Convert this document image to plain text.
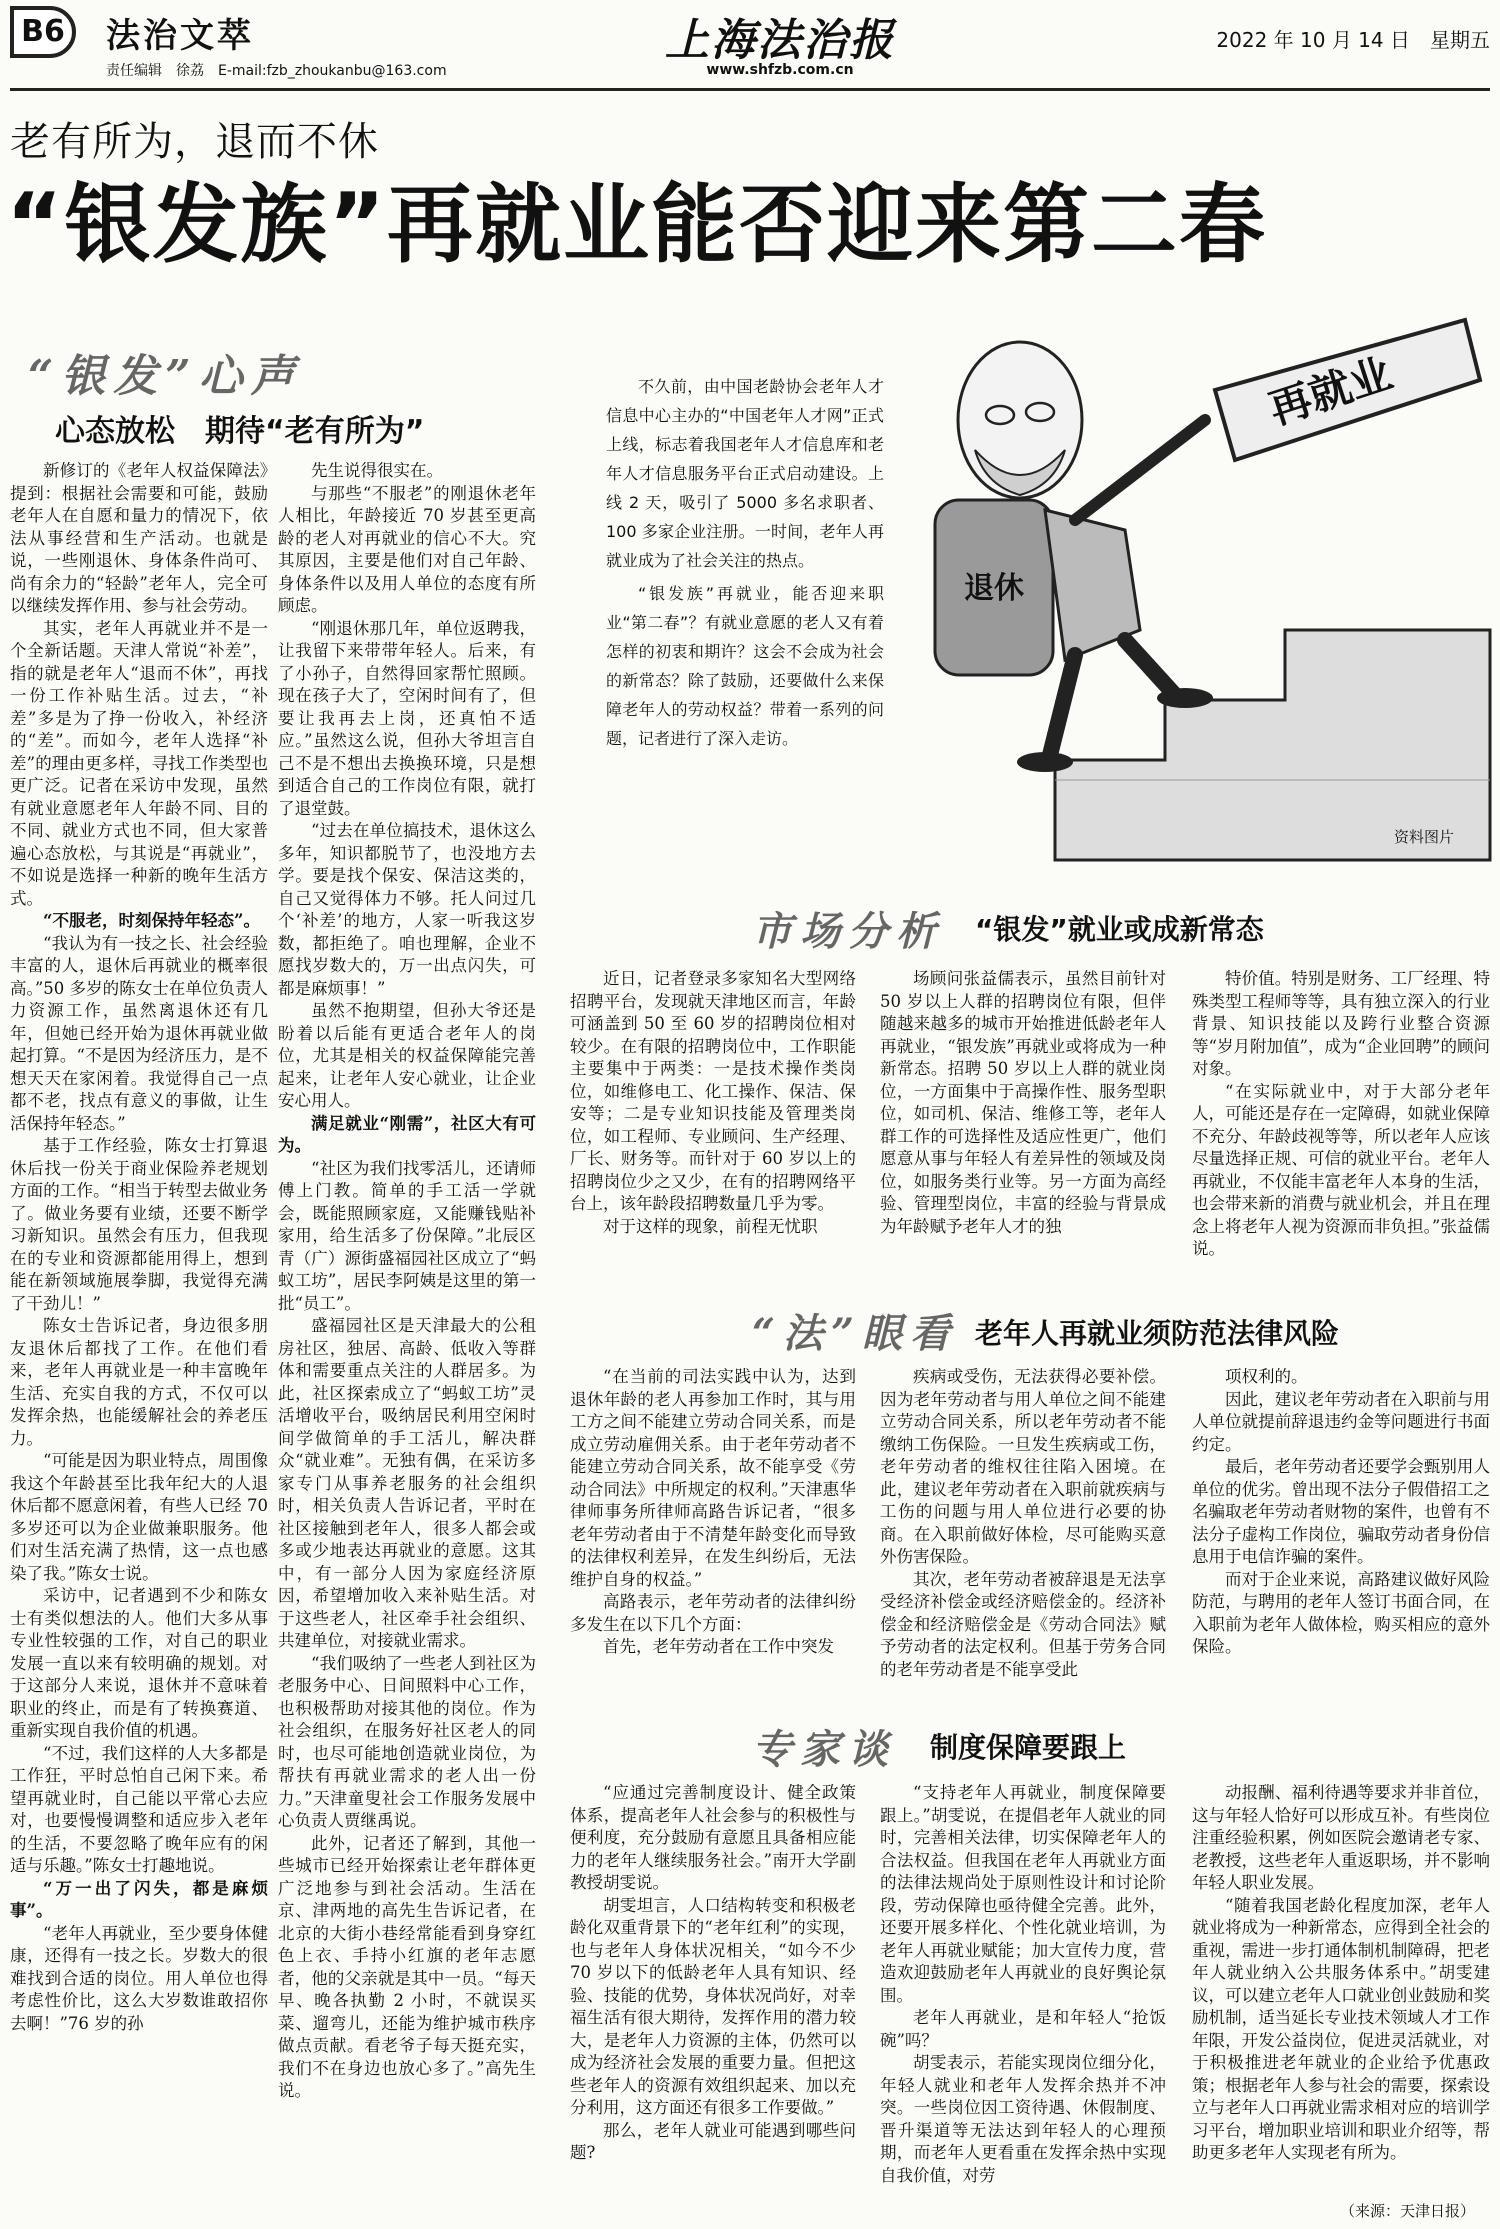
B6	法治文萃
责任编辑　徐荔　E-mail:fzb_zhoukanbu@163.com
上海法治报
www.shfzb.com.cn
2022 年 10 月 14 日　星期五
老有所为，退而不休
“银发族”再就业能否迎来第二春
“银发”心声
心态放松　期待“老有所为”

新修订的《老年人权益保障法》提到：根据社会需要和可能，鼓励老年人在自愿和量力的情况下，依法从事经营和生产活动。也就是说，一些刚退休、身体条件尚可、尚有余力的“轻龄”老年人，完全可以继续发挥作用、参与社会劳动。

其实，老年人再就业并不是一个全新话题。天津人常说“补差”，指的就是老年人“退而不休”，再找一份工作补贴生活。过去，“补差”多是为了挣一份收入，补经济的“差”。而如今，老年人选择“补差”的理由更多样，寻找工作类型也更广泛。记者在采访中发现，虽然有就业意愿老年人年龄不同、目的不同、就业方式也不同，但大家普遍心态放松，与其说是“再就业”，不如说是选择一种新的晚年生活方式。

“不服老，时刻保持年轻态”。

“我认为有一技之长、社会经验丰富的人，退休后再就业的概率很高。”50 多岁的陈女士在单位负责人力资源工作，虽然离退休还有几年，但她已经开始为退休再就业做起打算。“不是因为经济压力，是不想天天在家闲着。我觉得自己一点都不老，找点有意义的事做，让生活保持年轻态。”

基于工作经验，陈女士打算退休后找一份关于商业保险养老规划方面的工作。“相当于转型去做业务了。做业务要有业绩，还要不断学习新知识。虽然会有压力，但我现在的专业和资源都能用得上，想到能在新领域施展拳脚，我觉得充满了干劲儿！”

陈女士告诉记者，身边很多朋友退休后都找了工作。在他们看来，老年人再就业是一种丰富晚年生活、充实自我的方式，不仅可以发挥余热，也能缓解社会的养老压力。

“可能是因为职业特点，周围像我这个年龄甚至比我年纪大的人退休后都不愿意闲着，有些人已经 70 多岁还可以为企业做兼职服务。他们对生活充满了热情，这一点也感染了我。”陈女士说。

采访中，记者遇到不少和陈女士有类似想法的人。他们大多从事专业性较强的工作，对自己的职业发展一直以来有较明确的规划。对于这部分人来说，退休并不意味着职业的终止，而是有了转换赛道、重新实现自我价值的机遇。

“不过，我们这样的人大多都是工作狂，平时总怕自己闲下来。希望再就业时，自己能以平常心去应对，也要慢慢调整和适应步入老年的生活，不要忽略了晚年应有的闲适与乐趣。”陈女士打趣地说。

“万一出了闪失，都是麻烦事”。

“老年人再就业，至少要身体健康，还得有一技之长。岁数大的很难找到合适的岗位。用人单位也得考虑性价比，这么大岁数谁敢招你去啊！”76 岁的孙

先生说得很实在。

与那些“不服老”的刚退休老年人相比，年龄接近 70 岁甚至更高龄的老人对再就业的信心不大。究其原因，主要是他们对自己年龄、身体条件以及用人单位的态度有所顾虑。

“刚退休那几年，单位返聘我，让我留下来带带年轻人。后来，有了小孙子，自然得回家帮忙照顾。现在孩子大了，空闲时间有了，但要让我再去上岗，还真怕不适应。”虽然这么说，但孙大爷坦言自己不是不想出去换换环境，只是想到适合自己的工作岗位有限，就打了退堂鼓。

“过去在单位搞技术，退休这么多年，知识都脱节了，也没地方去学。要是找个保安、保洁这类的，自己又觉得体力不够。托人问过几个‘补差’的地方，人家一听我这岁数，都拒绝了。咱也理解，企业不愿找岁数大的，万一出点闪失，可都是麻烦事！”

虽然不抱期望，但孙大爷还是盼着以后能有更适合老年人的岗位，尤其是相关的权益保障能完善起来，让老年人安心就业，让企业安心用人。

满足就业“刚需”，社区大有可为。

“社区为我们找零活儿，还请师傅上门教。简单的手工活一学就会，既能照顾家庭，又能赚钱贴补家用，给生活多了份保障。”北辰区青（广）源街盛福园社区成立了“蚂蚁工坊”，居民李阿姨是这里的第一批“员工”。

盛福园社区是天津最大的公租房社区，独居、高龄、低收入等群体和需要重点关注的人群居多。为此，社区探索成立了“蚂蚁工坊”灵活增收平台，吸纳居民利用空闲时间学做简单的手工活儿，解决群众“就业难”。无独有偶，在采访多家专门从事养老服务的社会组织时，相关负责人告诉记者，平时在社区接触到老年人，很多人都会或多或少地表达再就业的意愿。这其中，有一部分人因为家庭经济原因，希望增加收入来补贴生活。对于这些老人，社区牵手社会组织、共建单位，对接就业需求。

“我们吸纳了一些老人到社区为老服务中心、日间照料中心工作，也积极帮助对接其他的岗位。作为社会组织，在服务好社区老人的同时，也尽可能地创造就业岗位，为帮扶有再就业需求的老人出一份力。”天津童叟社会工作服务发展中心负责人贾继禹说。

此外，记者还了解到，其他一些城市已经开始探索让老年群体更广泛地参与到社会活动。生活在京、津两地的高先生告诉记者，在北京的大街小巷经常能看到身穿红色上衣、手持小红旗的老年志愿者，他的父亲就是其中一员。“每天早、晚各执勤 2 小时，不就误买菜、遛弯儿，还能为维护城市秩序做点贡献。看老爷子每天挺充实，我们不在身边也放心多了。”高先生说。

不久前，由中国老龄协会老年人才信息中心主办的“中国老年人才网”正式上线，标志着我国老年人才信息库和老年人才信息服务平台正式启动建设。上线 2 天，吸引了 5000 多名求职者、100 多家企业注册。一时间，老年人再就业成为了社会关注的热点。

“银发族”再就业，能否迎来职业“第二春”？有就业意愿的老人又有着怎样的初衷和期许？这会不会成为社会的新常态？除了鼓励，还要做什么来保障老年人的劳动权益？带着一系列的问题，记者进行了深入走访。

退休
再就业
资料图片
市场分析 “银发”就业或成新常态

近日，记者登录多家知名大型网络招聘平台，发现就天津地区而言，年龄可涵盖到 50 至 60 岁的招聘岗位相对较少。在有限的招聘岗位中，工作职能主要集中于两类：一是技术操作类岗位，如维修电工、化工操作、保洁、保安等；二是专业知识技能及管理类岗位，如工程师、专业顾问、生产经理、厂长、财务等。而针对于 60 岁以上的招聘岗位少之又少，在有的招聘网络平台上，该年龄段招聘数量几乎为零。

对于这样的现象，前程无忧职

场顾问张益儒表示，虽然目前针对 50 岁以上人群的招聘岗位有限，但伴随越来越多的城市开始推进低龄老年人再就业，“银发族”再就业或将成为一种新常态。招聘 50 岁以上人群的就业岗位，一方面集中于高操作性、服务型职位，如司机、保洁、维修工等，老年人群工作的可选择性及适应性更广，他们愿意从事与年轻人有差异性的领域及岗位，如服务类行业等。另一方面为高经验、管理型岗位，丰富的经验与背景成为年龄赋予老年人才的独

特价值。特别是财务、工厂经理、特殊类型工程师等等，具有独立深入的行业背景、知识技能以及跨行业整合资源等“岁月附加值”，成为“企业回聘”的顾问对象。

“在实际就业中，对于大部分老年人，可能还是存在一定障碍，如就业保障不充分、年龄歧视等等，所以老年人应该尽量选择正规、可信的就业平台。老年人再就业，不仅能丰富老年人本身的生活，也会带来新的消费与就业机会，并且在理念上将老年人视为资源而非负担。”张益儒说。

“法”眼看 老年人再就业须防范法律风险

“在当前的司法实践中认为，达到退休年龄的老人再参加工作时，其与用工方之间不能建立劳动合同关系，而是成立劳动雇佣关系。由于老年劳动者不能建立劳动合同关系，故不能享受《劳动合同法》中所规定的权利。”天津惠华律师事务所律师高路告诉记者，“很多老年劳动者由于不清楚年龄变化而导致的法律权利差异，在发生纠纷后，无法维护自身的权益。”

高路表示，老年劳动者的法律纠纷多发生在以下几个方面：

首先，老年劳动者在工作中突发

疾病或受伤，无法获得必要补偿。因为老年劳动者与用人单位之间不能建立劳动合同关系，所以老年劳动者不能缴纳工伤保险。一旦发生疾病或工伤，老年劳动者的维权往往陷入困境。在此，建议老年劳动者在入职前就疾病与工伤的问题与用人单位进行必要的协商。在入职前做好体检，尽可能购买意外伤害保险。

其次，老年劳动者被辞退是无法享受经济补偿金或经济赔偿金的。经济补偿金和经济赔偿金是《劳动合同法》赋予劳动者的法定权利。但基于劳务合同的老年劳动者是不能享受此

项权利的。

因此，建议老年劳动者在入职前与用人单位就提前辞退违约金等问题进行书面约定。

最后，老年劳动者还要学会甄别用人单位的优劣。曾出现不法分子假借招工之名骗取老年劳动者财物的案件，也曾有不法分子虚构工作岗位，骗取劳动者身份信息用于电信诈骗的案件。

而对于企业来说，高路建议做好风险防范，与聘用的老年人签订书面合同，在入职前为老年人做体检，购买相应的意外保险。

专家谈 制度保障要跟上

“应通过完善制度设计、健全政策体系，提高老年人社会参与的积极性与便利度，充分鼓励有意愿且具备相应能力的老年人继续服务社会。”南开大学副教授胡雯说。

胡雯坦言，人口结构转变和积极老龄化双重背景下的“老年红利”的实现，也与老年人身体状况相关，“如今不少 70 岁以下的低龄老年人具有知识、经验、技能的优势，身体状况尚好，对幸福生活有很大期待，发挥作用的潜力较大，是老年人力资源的主体，仍然可以成为经济社会发展的重要力量。但把这些老年人的资源有效组织起来、加以充分利用，这方面还有很多工作要做。”

那么，老年人就业可能遇到哪些问题?

“支持老年人再就业，制度保障要跟上。”胡雯说，在提倡老年人就业的同时，完善相关法律，切实保障老年人的合法权益。但我国在老年人再就业方面的法律法规尚处于原则性设计和讨论阶段，劳动保障也亟待健全完善。此外，还要开展多样化、个性化就业培训，为老年人再就业赋能；加大宣传力度，营造欢迎鼓励老年人再就业的良好舆论氛围。

老年人再就业，是和年轻人“抢饭碗”吗？

胡雯表示，若能实现岗位细分化，年轻人就业和老年人发挥余热并不冲突。一些岗位因工资待遇、休假制度、晋升渠道等无法达到年轻人的心理预期，而老年人更看重在发挥余热中实现自我价值，对劳

动报酬、福利待遇等要求并非首位，这与年轻人恰好可以形成互补。有些岗位注重经验积累，例如医院会邀请老专家、老教授，这些老年人重返职场，并不影响年轻人职业发展。

“随着我国老龄化程度加深，老年人就业将成为一种新常态，应得到全社会的重视，需进一步打通体制机制障碍，把老年人就业纳入公共服务体系中。”胡雯建议，可以建立老年人口就业创业鼓励和奖励机制，适当延长专业技术领域人才工作年限，开发公益岗位，促进灵活就业，对于积极推进老年就业的企业给予优惠政策；根据老年人参与社会的需要，探索设立与老年人口再就业需求相对应的培训学习平台，增加职业培训和职业介绍等，帮助更多老年人实现老有所为。

（来源：天津日报）
